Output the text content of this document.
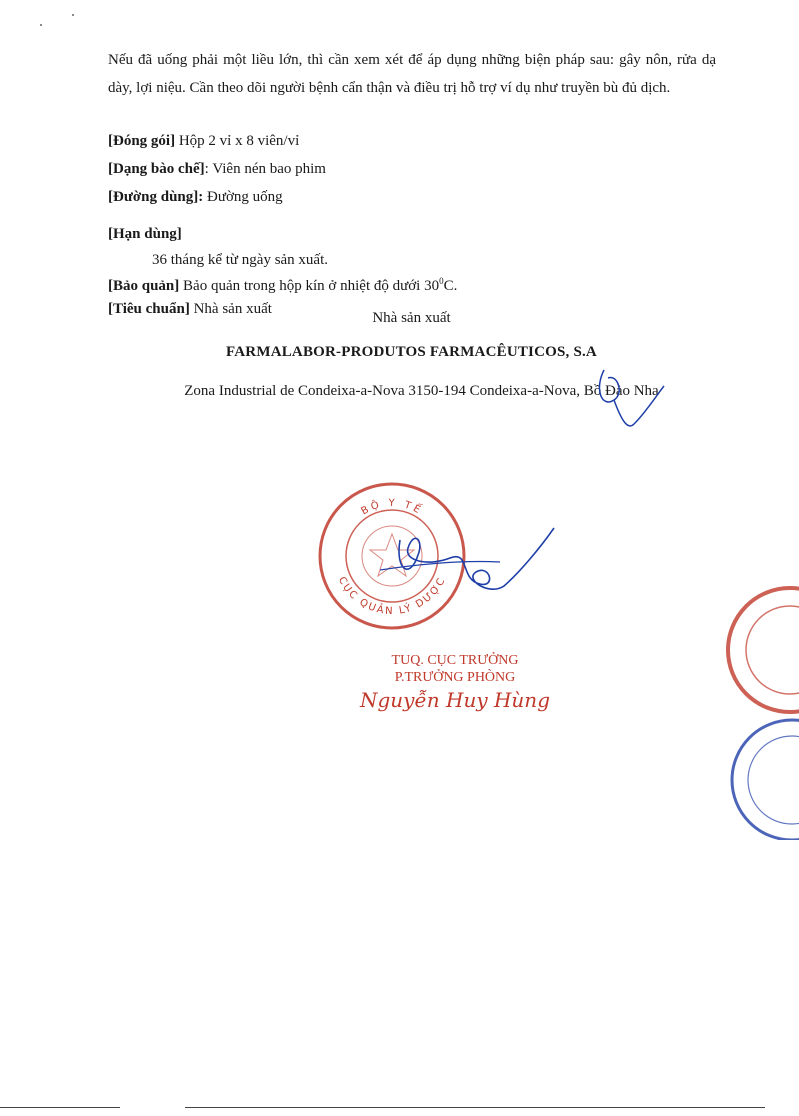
Nếu đã uống phải một liều lớn, thì cần xem xét để áp dụng những biện pháp sau: gây nôn, rửa dạ dày, lợi niệu. Cần theo dõi người bệnh cẩn thận và điều trị hỗ trợ ví dụ như truyền bù đủ dịch.
[Đóng gói] Hộp 2 vỉ x 8 viên/vỉ
[Dạng bào chế]: Viên nén bao phim
[Đường dùng]: Đường uống
[Hạn dùng]
36 tháng kể từ ngày sản xuất.
[Bảo quản] Bảo quản trong hộp kín ở nhiệt độ dưới $30^0C$.
[Tiêu chuẩn] Nhà sản xuất
Nhà sản xuất
FARMALABOR-PRODUTOS FARMACÊUTICOS, S.A
Zona Industrial de Condeixa-a-Nova 3150-194 Condeixa-a-Nova, Bồ Đào Nha
BỘ Y TẾ
CỤC QUẢN LÝ DƯỢC
TUQ. CỤC TRƯỞNG
P.TRƯỞNG PHÒNG
Nguyễn Huy Hùng
